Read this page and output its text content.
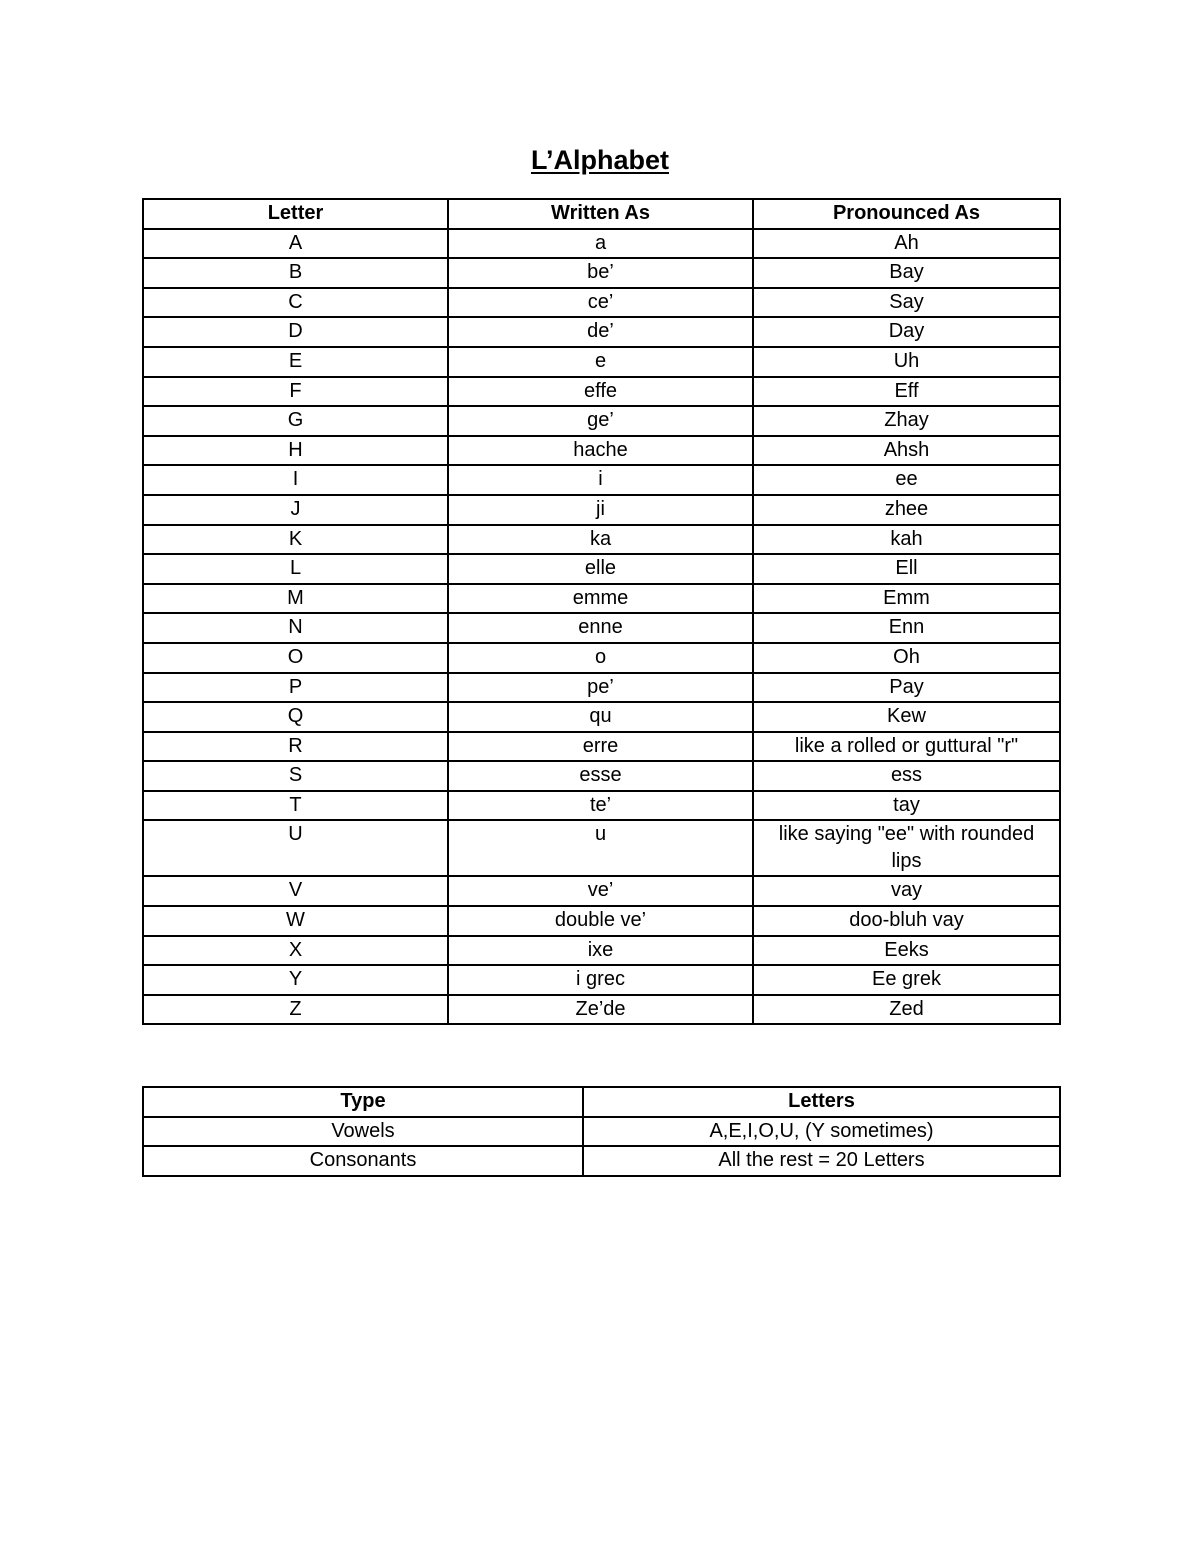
L’Alphabet
Letter	Written As	Pronounced As
A	a	Ah
B	be’	Bay
C	ce’	Say
D	de’	Day
E	e	Uh
F	effe	Eff
G	ge’	Zhay
H	hache	Ahsh
I	i	ee
J	ji	zhee
K	ka	kah
L	elle	Ell
M	emme	Emm
N	enne	Enn
O	o	Oh
P	pe’	Pay
Q	qu	Kew
R	erre	like a rolled or guttural "r"
S	esse	ess
T	te’	tay
U	u	like saying "ee" with rounded lips
V	ve’	vay
W	double ve’	doo-bluh vay
X	ixe	Eeks
Y	i grec	Ee grek
Z	Ze’de	Zed
Type	Letters
Vowels	A,E,I,O,U, (Y sometimes)
Consonants	All the rest = 20 Letters
